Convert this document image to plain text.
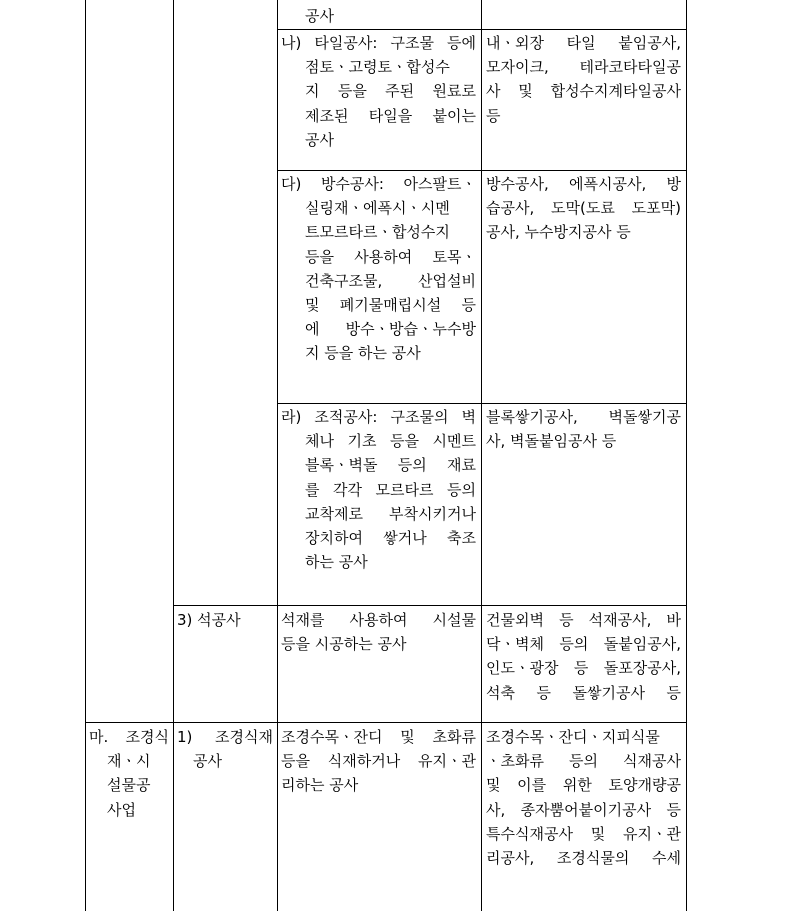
공사
나) 타일공사: 구조물 등에
점토ㆍ고령토ㆍ합성수
지 등을 주된 원료로
제조된 타일을 붙이는
공사
내ㆍ외장 타일 붙임공사,
모자이크, 테라코타타일공
사 및 합성수지계타일공사
등
다) 방수공사: 아스팔트ㆍ
실링재ㆍ에폭시ㆍ시멘
트모르타르ㆍ합성수지
등을 사용하여 토목ㆍ
건축구조물, 산업설비
및 폐기물매립시설 등
에 방수ㆍ방습ㆍ누수방
지 등을 하는 공사
방수공사, 에폭시공사, 방
습공사, 도막(도료 도포막)
공사, 누수방지공사 등
라) 조적공사: 구조물의 벽
체나 기초 등을 시멘트
블록ㆍ벽돌 등의 재료
를 각각 모르타르 등의
교착제로 부착시키거나
장치하여 쌓거나 축조
하는 공사
블록쌓기공사, 벽돌쌓기공
사, 벽돌붙임공사 등
3) 석공사	석재를 사용하여 시설물
등을 시공하는 공사
건물외벽 등 석재공사, 바
닥ㆍ벽체 등의 돌붙임공사,
인도ㆍ광장 등 돌포장공사,
석축 등 돌쌓기공사 등
마. 조경식
재ㆍ시
설물공
사업
1) 조경식재
공사
조경수목ㆍ잔디 및 초화류
등을 식재하거나 유지ㆍ관
리하는 공사
조경수목ㆍ잔디ㆍ지피식물
ㆍ초화류 등의 식재공사
및 이를 위한 토양개량공
사, 종자뿜어붙이기공사 등
특수식재공사 및 유지ㆍ관
리공사, 조경식물의 수세
